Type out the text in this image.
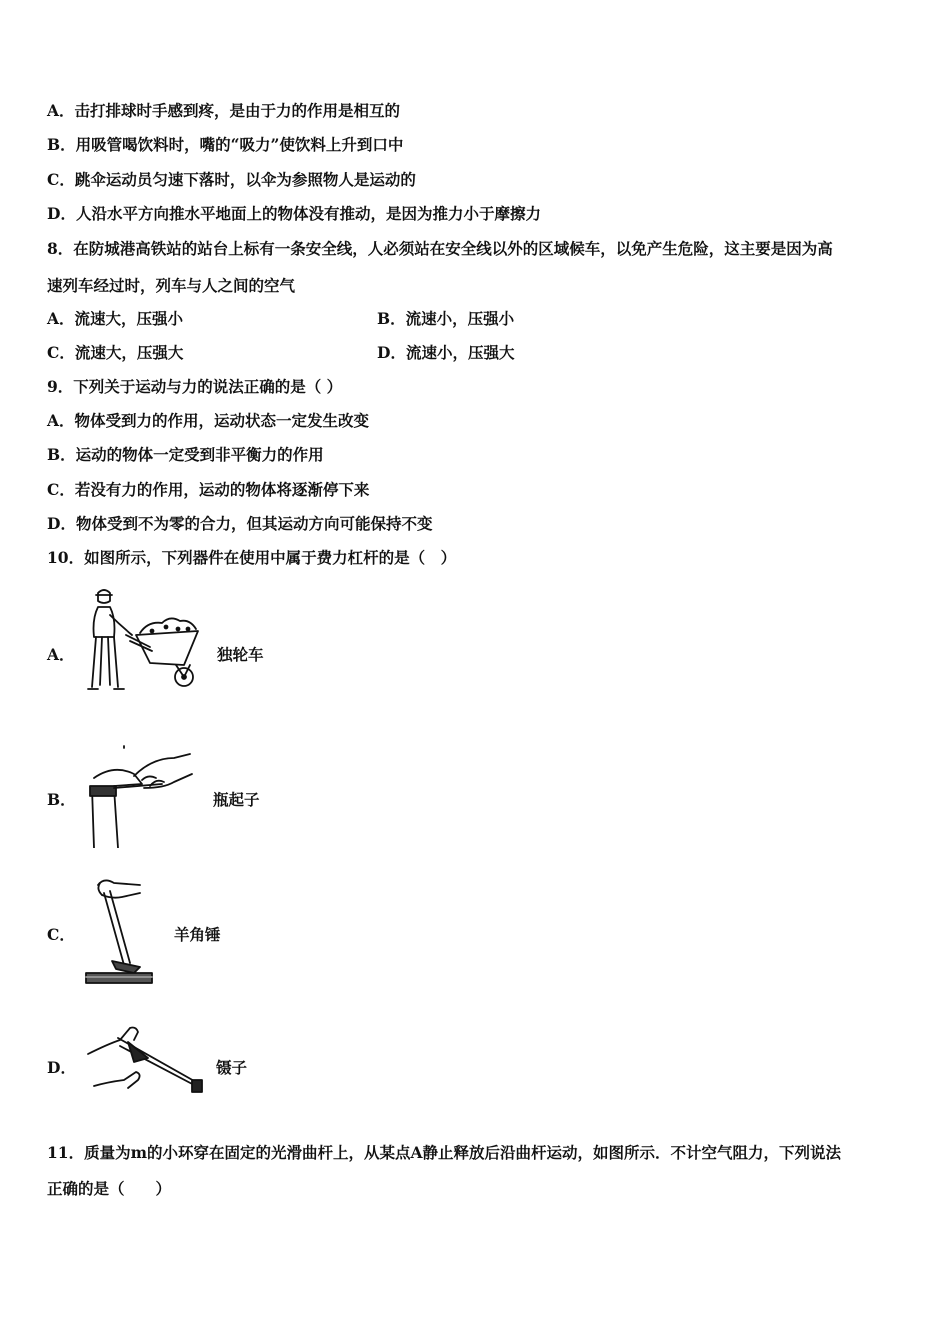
A．击打排球时手感到疼，是由于力的作用是相互的
B．用吸管喝饮料时，嘴的“吸力”使饮料上升到口中
C．跳伞运动员匀速下落时，以伞为参照物人是运动的
D．人沿水平方向推水平地面上的物体没有推动，是因为推力小于摩擦力
8．在防城港高铁站的站台上标有一条安全线，人必须站在安全线以外的区域候车，以免产生危险，这主要是因为高
速列车经过时，列车与人之间的空气
A．流速大，压强小	B．流速小，压强小
C．流速大，压强大	D．流速小，压强大
9．下列关于运动与力的说法正确的是（ ）
A．物体受到力的作用，运动状态一定发生改变
B．运动的物体一定受到非平衡力的作用
C．若没有力的作用，运动的物体将逐渐停下来
D．物体受到不为零的合力，但其运动方向可能保持不变
10．如图所示，下列器件在使用中属于费力杠杆的是（　）
A．	独轮车
B．	瓶起子
C．	羊角锤
D．	镊子
11．质量为m的小环穿在固定的光滑曲杆上，从某点A静止释放后沿曲杆运动，如图所示．不计空气阻力，下列说法
正确的是（　　）
